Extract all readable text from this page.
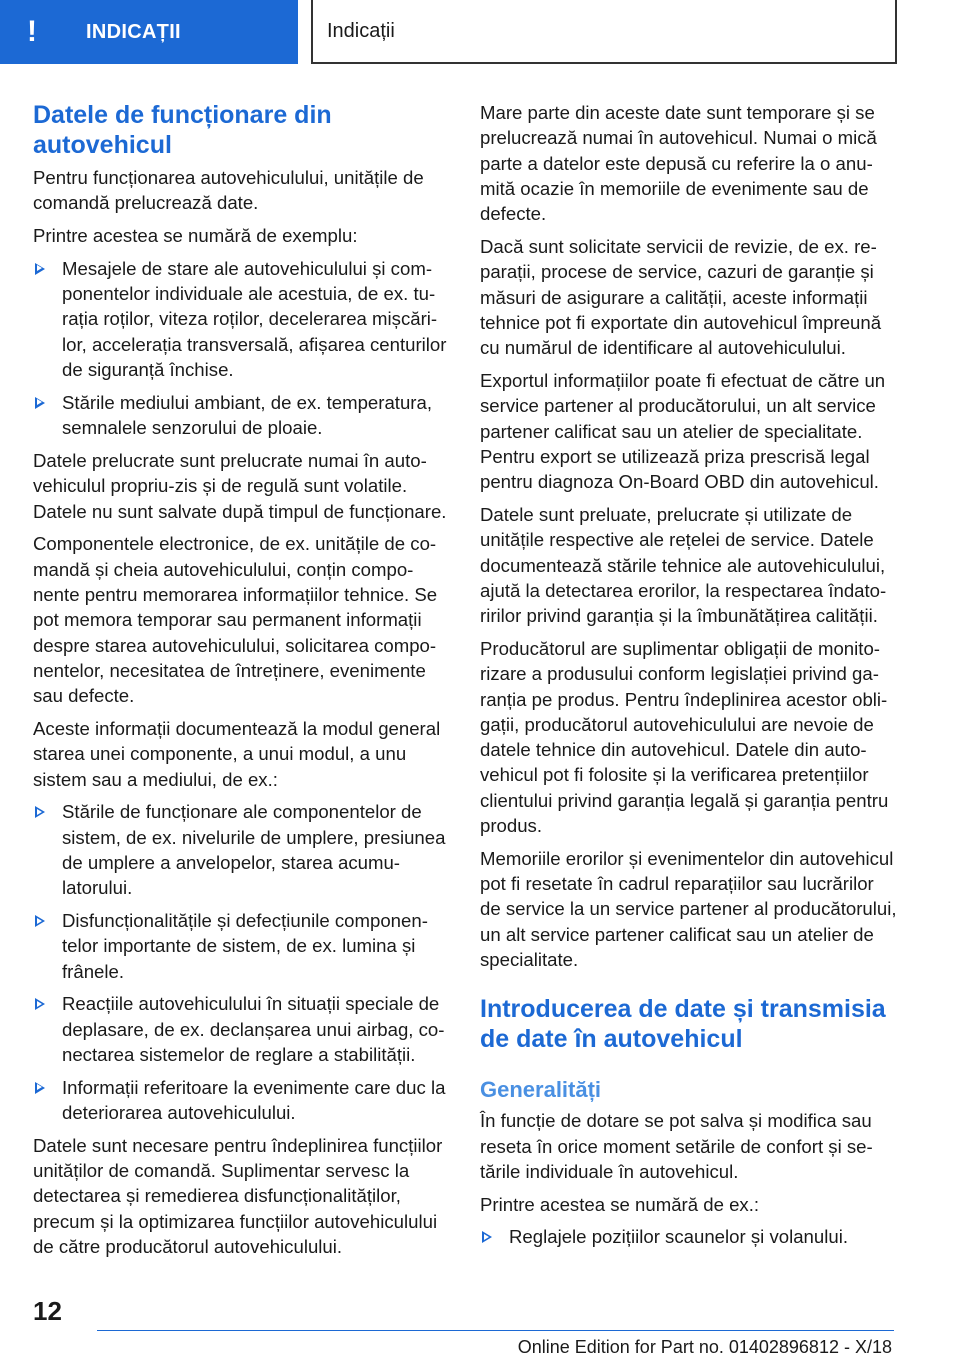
!	INDICAȚII	Indicații
Datele de funcționare din autovehicul

Pentru funcționarea autovehiculului, unitățile de comandă prelucrează date.

Printre acestea se numără de exemplu:

Mesajele de stare ale autovehiculului și componentelor individuale ale acestuia, de ex. turația roților, viteza roților, decelerarea mișcărilor, accelerația transversală, afișarea centurilor de siguranță închise.
Stările mediului ambiant, de ex. temperatura, semnalele senzorului de ploaie.

Datele prelucrate sunt prelucrate numai în autovehiculul propriu-zis și de regulă sunt volatile. Datele nu sunt salvate după timpul de funcționare.

Componentele electronice, de ex. unitățile de comandă și cheia autovehiculului, conțin componente pentru memorarea informațiilor tehnice. Se pot memora temporar sau permanent informații despre starea autovehiculului, solicitarea componentelor, necesitatea de întreținere, evenimente sau defecte.

Aceste informații documentează la modul general starea unei componente, a unui modul, a unu sistem sau a mediului, de ex.:

Stările de funcționare ale componentelor de sistem, de ex. nivelurile de umplere, presiunea de umplere a anvelopelor, starea acumulatorului.
Disfuncționalitățile și defecțiunile componentelor importante de sistem, de ex. lumina și frânele.
Reacțiile autovehiculului în situații speciale de deplasare, de ex. declanșarea unui airbag, conectarea sistemelor de reglare a stabilității.
Informații referitoare la evenimente care duc la deteriorarea autovehiculului.

Datele sunt necesare pentru îndeplinirea funcțiilor unităților de comandă. Suplimentar servesc la detectarea și remedierea disfuncționalităților, precum și la optimizarea funcțiilor autovehiculului de către producătorul autovehiculului.

Mare parte din aceste date sunt temporare și se prelucrează numai în autovehicul. Numai o mică parte a datelor este depusă cu referire la o anumită ocazie în memoriile de evenimente sau de defecte.

Dacă sunt solicitate servicii de revizie, de ex. reparații, procese de service, cazuri de garanție și măsuri de asigurare a calității, aceste informații tehnice pot fi exportate din autovehicul împreună cu numărul de identificare al autovehiculului.

Exportul informațiilor poate fi efectuat de către un service partener al producătorului, un alt service partener calificat sau un atelier de specialitate. Pentru export se utilizează priza prescrisă legal pentru diagnoza On-Board OBD din autovehicul.

Datele sunt preluate, prelucrate și utilizate de unitățile respective ale rețelei de service. Datele documentează stările tehnice ale autovehiculului, ajută la detectarea erorilor, la respectarea îndatoririlor privind garanția și la îmbunătățirea calității.

Producătorul are suplimentar obligații de monitorizare a produsului conform legislației privind garanția pe produs. Pentru îndeplinirea acestor obligații, producătorul autovehiculului are nevoie de datele tehnice din autovehicul. Datele din autovehicul pot fi folosite și la verificarea pretențiilor clientului privind garanția legală și garanția pentru produs.

Memoriile erorilor și evenimentelor din autovehicul pot fi resetate în cadrul reparațiilor sau lucrărilor de service la un service partener al producătorului, un alt service partener calificat sau un atelier de specialitate.

Introducerea de date și transmisia de date în autovehicul
Generalități

În funcție de dotare se pot salva și modifica sau reseta în orice moment setările de confort și setările individuale în autovehicul.

Printre acestea se numără de ex.:

Reglajele pozițiilor scaunelor și volanului.
12
Online Edition for Part no. 01402896812 - X/18
